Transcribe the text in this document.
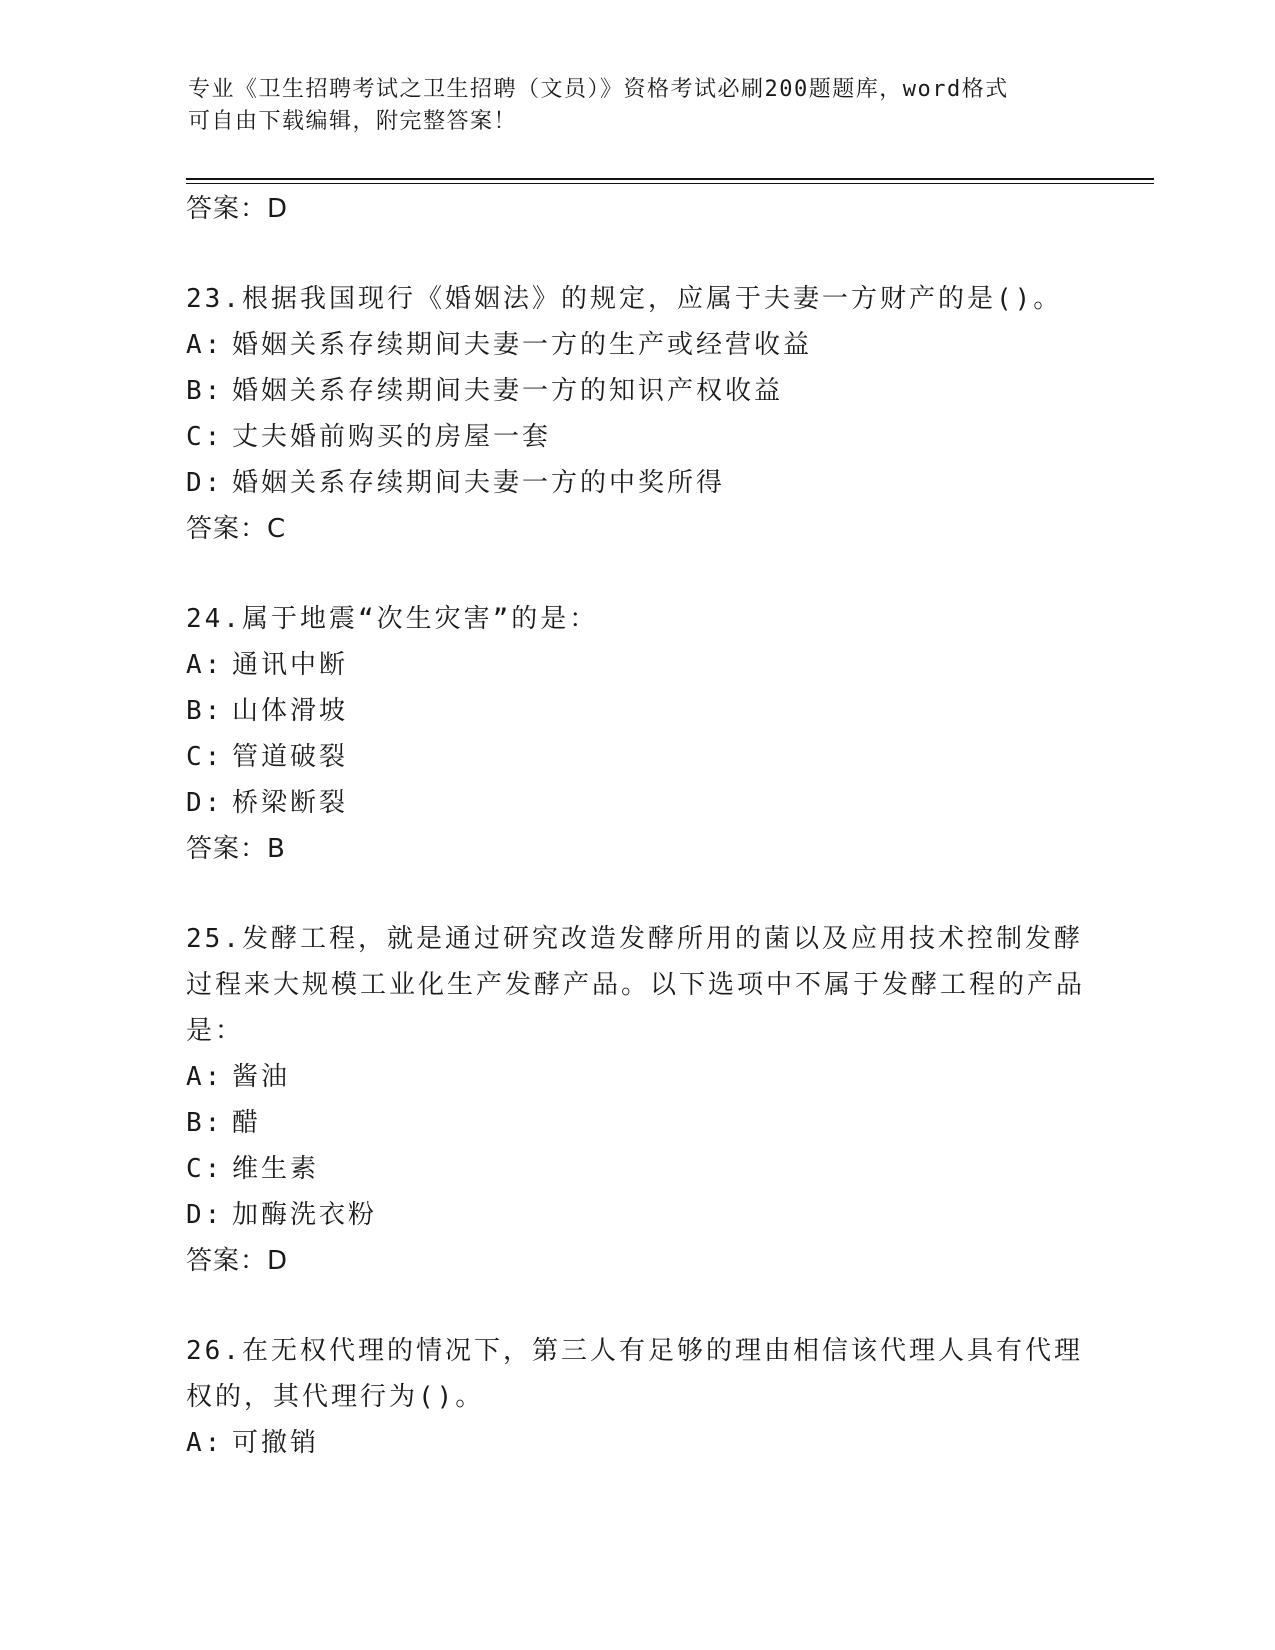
专业《卫生招聘考试之卫生招聘（文员）》资格考试必刷200题题库，word格式
可自由下载编辑，附完整答案！
答案：D
23.根据我国现行《婚姻法》的规定，应属于夫妻一方财产的是()。
A: 婚姻关系存续期间夫妻一方的生产或经营收益
B: 婚姻关系存续期间夫妻一方的知识产权收益
C: 丈夫婚前购买的房屋一套
D: 婚姻关系存续期间夫妻一方的中奖所得
答案：C
24.属于地震“次生灾害”的是：
A: 通讯中断
B: 山体滑坡
C: 管道破裂
D: 桥梁断裂
答案：B
25.发酵工程，就是通过研究改造发酵所用的菌以及应用技术控制发酵过程来大规模工业化生产发酵产品。以下选项中不属于发酵工程的产品是：
A: 酱油
B: 醋
C: 维生素
D: 加酶洗衣粉
答案：D
26.在无权代理的情况下，第三人有足够的理由相信该代理人具有代理权的，其代理行为()。
A: 可撤销
